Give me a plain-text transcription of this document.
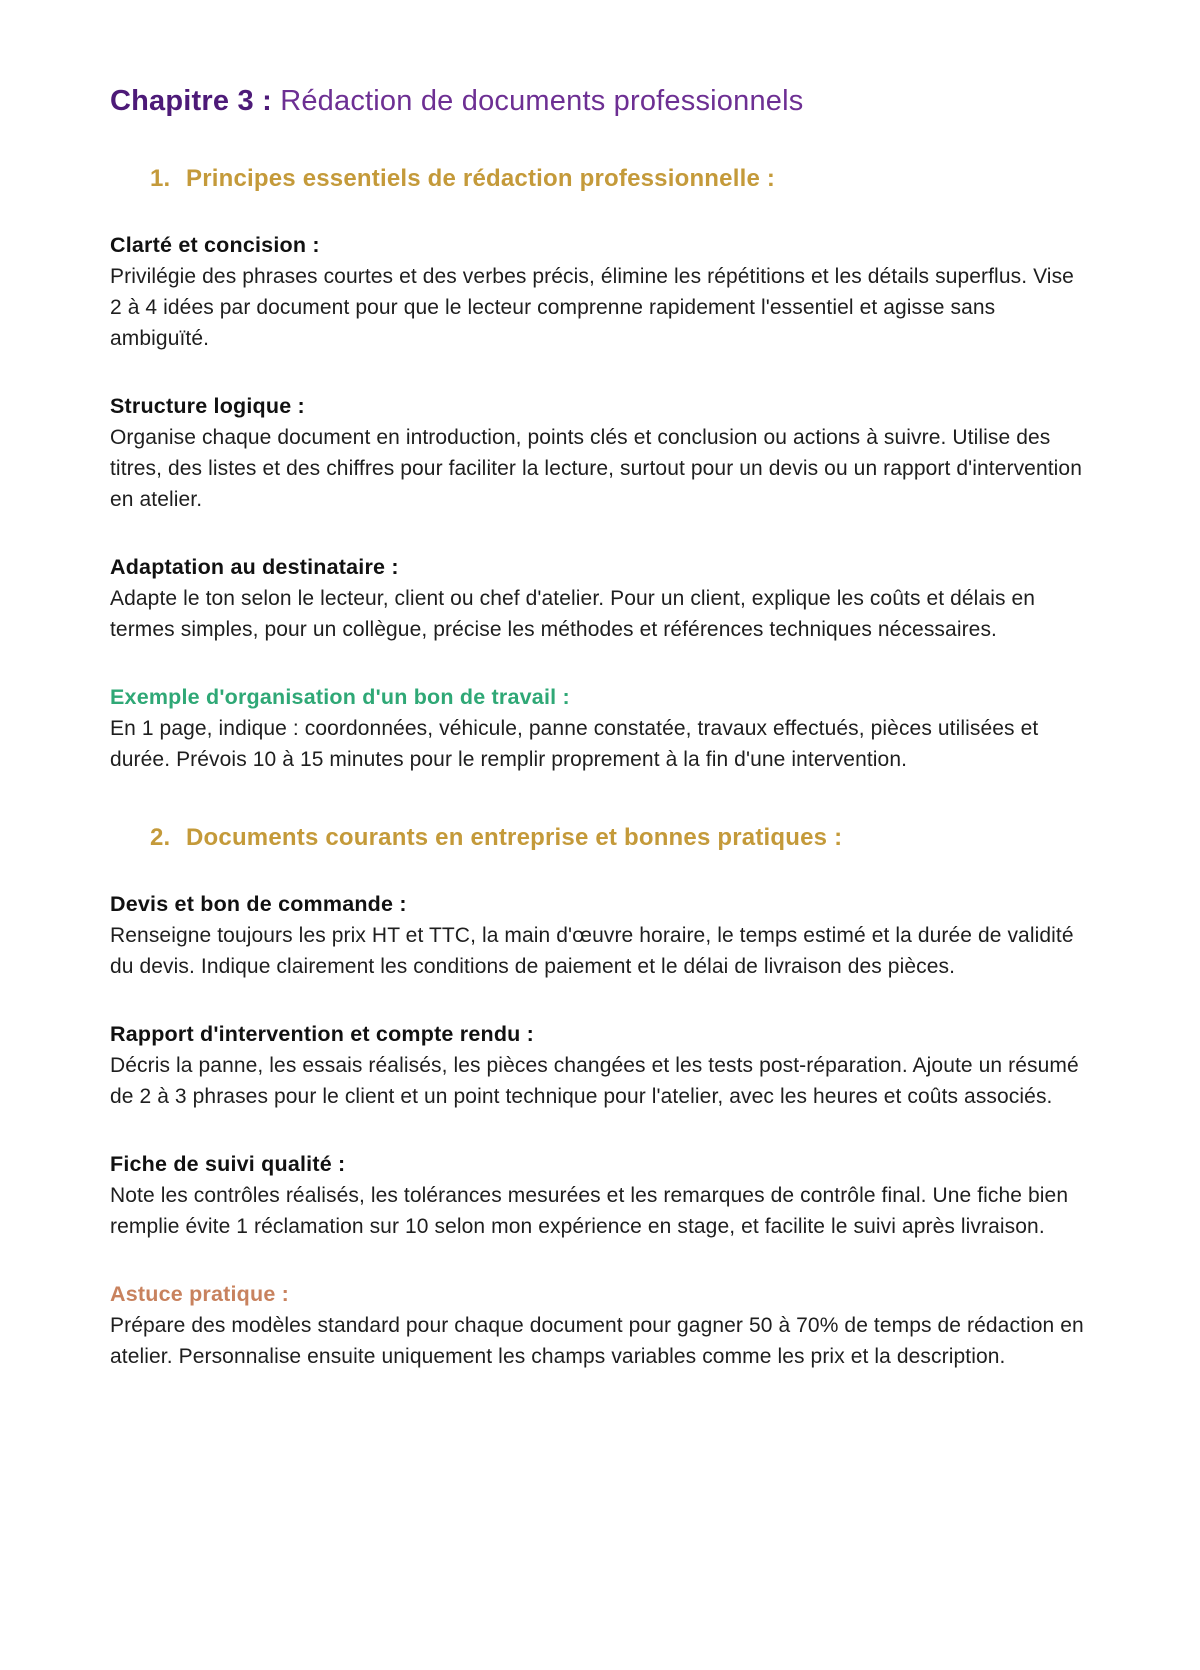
Chapitre 3 : Rédaction de documents professionnels
1. Principes essentiels de rédaction professionnelle :
Clarté et concision :

Privilégie des phrases courtes et des verbes précis, élimine les répétitions et les détails superflus. Vise 2 à 4 idées par document pour que le lecteur comprenne rapidement l'essentiel et agisse sans ambiguïté.

Structure logique :

Organise chaque document en introduction, points clés et conclusion ou actions à suivre. Utilise des titres, des listes et des chiffres pour faciliter la lecture, surtout pour un devis ou un rapport d'intervention en atelier.

Adaptation au destinataire :

Adapte le ton selon le lecteur, client ou chef d'atelier. Pour un client, explique les coûts et délais en termes simples, pour un collègue, précise les méthodes et références techniques nécessaires.

Exemple d'organisation d'un bon de travail :

En 1 page, indique : coordonnées, véhicule, panne constatée, travaux effectués, pièces utilisées et durée. Prévois 10 à 15 minutes pour le remplir proprement à la fin d'une intervention.

2. Documents courants en entreprise et bonnes pratiques :
Devis et bon de commande :

Renseigne toujours les prix HT et TTC, la main d'œuvre horaire, le temps estimé et la durée de validité du devis. Indique clairement les conditions de paiement et le délai de livraison des pièces.

Rapport d'intervention et compte rendu :

Décris la panne, les essais réalisés, les pièces changées et les tests post-réparation. Ajoute un résumé de 2 à 3 phrases pour le client et un point technique pour l'atelier, avec les heures et coûts associés.

Fiche de suivi qualité :

Note les contrôles réalisés, les tolérances mesurées et les remarques de contrôle final. Une fiche bien remplie évite 1 réclamation sur 10 selon mon expérience en stage, et facilite le suivi après livraison.

Astuce pratique :

Prépare des modèles standard pour chaque document pour gagner 50 à 70% de temps de rédaction en atelier. Personnalise ensuite uniquement les champs variables comme les prix et la description.
